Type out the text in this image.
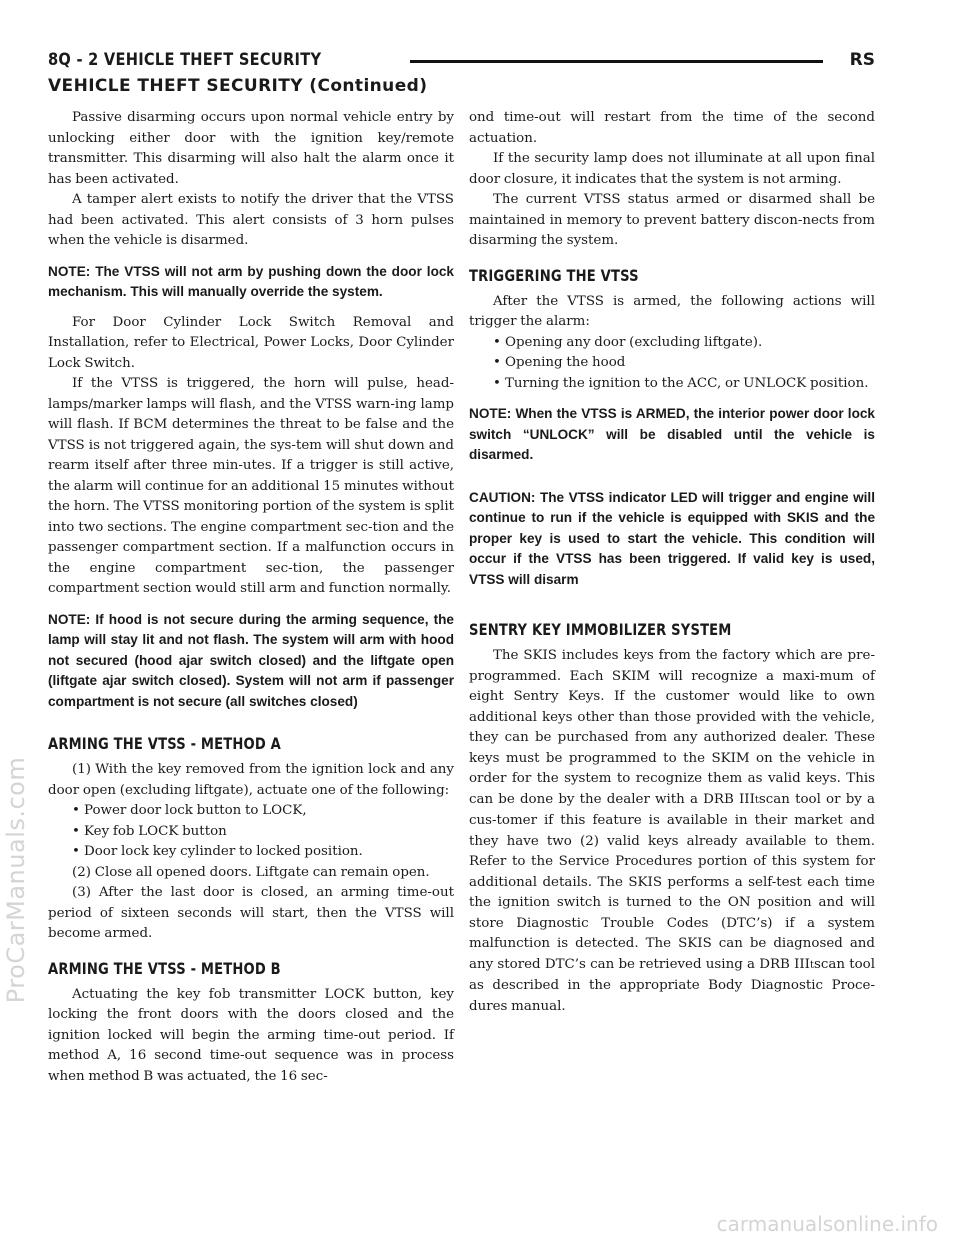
8Q - 2 VEHICLE THEFT SECURITY	RS
VEHICLE THEFT SECURITY (Continued)

Passive disarming occurs upon normal vehicle entry by unlocking either door with the ignition key/remote transmitter. This disarming will also halt the alarm once it has been activated.

A tamper alert exists to notify the driver that the VTSS had been activated. This alert consists of 3 horn pulses when the vehicle is disarmed.

NOTE: The VTSS will not arm by pushing down the door lock mechanism. This will manually override the system.

For Door Cylinder Lock Switch Removal and Installation, refer to Electrical, Power Locks, Door Cylinder Lock Switch.

If the VTSS is triggered, the horn will pulse, head-lamps/marker lamps will flash, and the VTSS warn-ing lamp will flash. If BCM determines the threat to be false and the VTSS is not triggered again, the sys-tem will shut down and rearm itself after three min-utes. If a trigger is still active, the alarm will continue for an additional 15 minutes without the horn. The VTSS monitoring portion of the system is split into two sections. The engine compartment sec-tion and the passenger compartment section. If a malfunction occurs in the engine compartment sec-tion, the passenger compartment section would still arm and function normally.

NOTE: If hood is not secure during the arming sequence, the lamp will stay lit and not flash. The system will arm with hood not secured (hood ajar switch closed) and the liftgate open (liftgate ajar switch closed). System will not arm if passenger compartment is not secure (all switches closed)

ARMING THE VTSS - METHOD A

(1) With the key removed from the ignition lock and any door open (excluding liftgate), actuate one of the following:

• Power door lock button to LOCK,
• Key fob LOCK button
• Door lock key cylinder to locked position.

(2) Close all opened doors. Liftgate can remain open.

(3) After the last door is closed, an arming time-out period of sixteen seconds will start, then the VTSS will become armed.

ARMING THE VTSS - METHOD B

Actuating the key fob transmitter LOCK button, key locking the front doors with the doors closed and the ignition locked will begin the arming time-out period. If method A, 16 second time-out sequence was in process when method B was actuated, the 16 sec-

ond time-out will restart from the time of the second actuation.

If the security lamp does not illuminate at all upon final door closure, it indicates that the system is not arming.

The current VTSS status armed or disarmed shall be maintained in memory to prevent battery discon-nects from disarming the system.

TRIGGERING THE VTSS

After the VTSS is armed, the following actions will trigger the alarm:

• Opening any door (excluding liftgate).
• Opening the hood
• Turning the ignition to the ACC, or UNLOCK position.

NOTE: When the VTSS is ARMED, the interior power door lock switch “UNLOCK” will be disabled until the vehicle is disarmed.

CAUTION: The VTSS indicator LED will trigger and engine will continue to run if the vehicle is equipped with SKIS and the proper key is used to start the vehicle. This condition will occur if the VTSS has been triggered. If valid key is used, VTSS will disarm

SENTRY KEY IMMOBILIZER SYSTEM

The SKIS includes keys from the factory which are pre-programmed. Each SKIM will recognize a maxi-mum of eight Sentry Keys. If the customer would like to own additional keys other than those provided with the vehicle, they can be purchased from any authorized dealer. These keys must be programmed to the SKIM on the vehicle in order for the system to recognize them as valid keys. This can be done by the dealer with a DRB IIItscan tool or by a cus-tomer if this feature is available in their market and they have two (2) valid keys already available to them. Refer to the Service Procedures portion of this system for additional details. The SKIS performs a self-test each time the ignition switch is turned to the ON position and will store Diagnostic Trouble Codes (DTC’s) if a system malfunction is detected. The SKIS can be diagnosed and any stored DTC’s can be retrieved using a DRB IIItscan tool as described in the appropriate Body Diagnostic Proce-dures manual.

ProCarManuals.com
carmanualsonline.info
